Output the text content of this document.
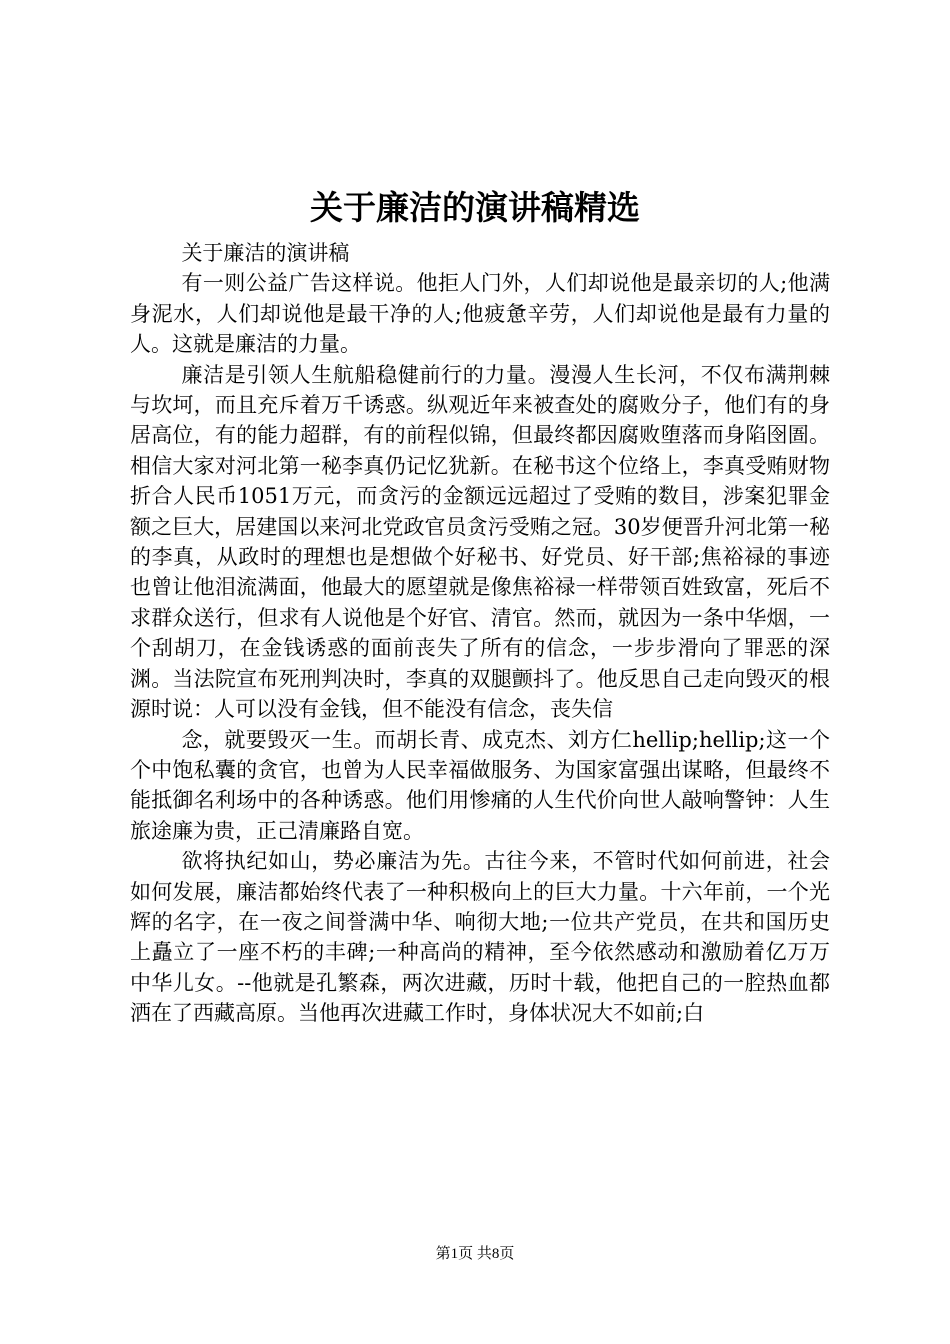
关于廉洁的演讲稿精选

关于廉洁的演讲稿

有一则公益广告这样说。他拒人门外，人们却说他是最亲切的人;他满身泥水，人们却说他是最干净的人;他疲惫辛劳，人们却说他是最有力量的人。这就是廉洁的力量。

廉洁是引领人生航船稳健前行的力量。漫漫人生长河，不仅布满荆棘与坎坷，而且充斥着万千诱惑。纵观近年来被查处的腐败分子，他们有的身居高位，有的能力超群，有的前程似锦，但最终都因腐败堕落而身陷囹圄。相信大家对河北第一秘李真仍记忆犹新。在秘书这个位络上，李真受贿财物折合人民币1051万元，而贪污的金额远远超过了受贿的数目，涉案犯罪金额之巨大，居建国以来河北党政官员贪污受贿之冠。30岁便晋升河北第一秘的李真，从政时的理想也是想做个好秘书、好党员、好干部;焦裕禄的事迹也曾让他泪流满面，他最大的愿望就是像焦裕禄一样带领百姓致富，死后不求群众送行，但求有人说他是个好官、清官。然而，就因为一条中华烟，一个刮胡刀，在金钱诱惑的面前丧失了所有的信念，一步步滑向了罪恶的深渊。当法院宣布死刑判决时，李真的双腿颤抖了。他反思自己走向毁灭的根源时说：人可以没有金钱，但不能没有信念，丧失信

念，就要毁灭一生。而胡长青、成克杰、刘方仁hellip;hellip;这一个个中饱私囊的贪官，也曾为人民幸福做服务、为国家富强出谋略，但最终不能抵御名利场中的各种诱惑。他们用惨痛的人生代价向世人敲响警钟：人生旅途廉为贵，正己清廉路自宽。

欲将执纪如山，势必廉洁为先。古往今来，不管时代如何前进，社会如何发展，廉洁都始终代表了一种积极向上的巨大力量。十六年前，一个光辉的名字，在一夜之间誉满中华、响彻大地;一位共产党员，在共和国历史上矗立了一座不朽的丰碑;一种高尚的精神，至今依然感动和激励着亿万万中华儿女。--他就是孔繁森，两次进藏，历时十载，他把自己的一腔热血都洒在了西藏高原。当他再次进藏工作时，身体状况大不如前;白

第1页 共8页
